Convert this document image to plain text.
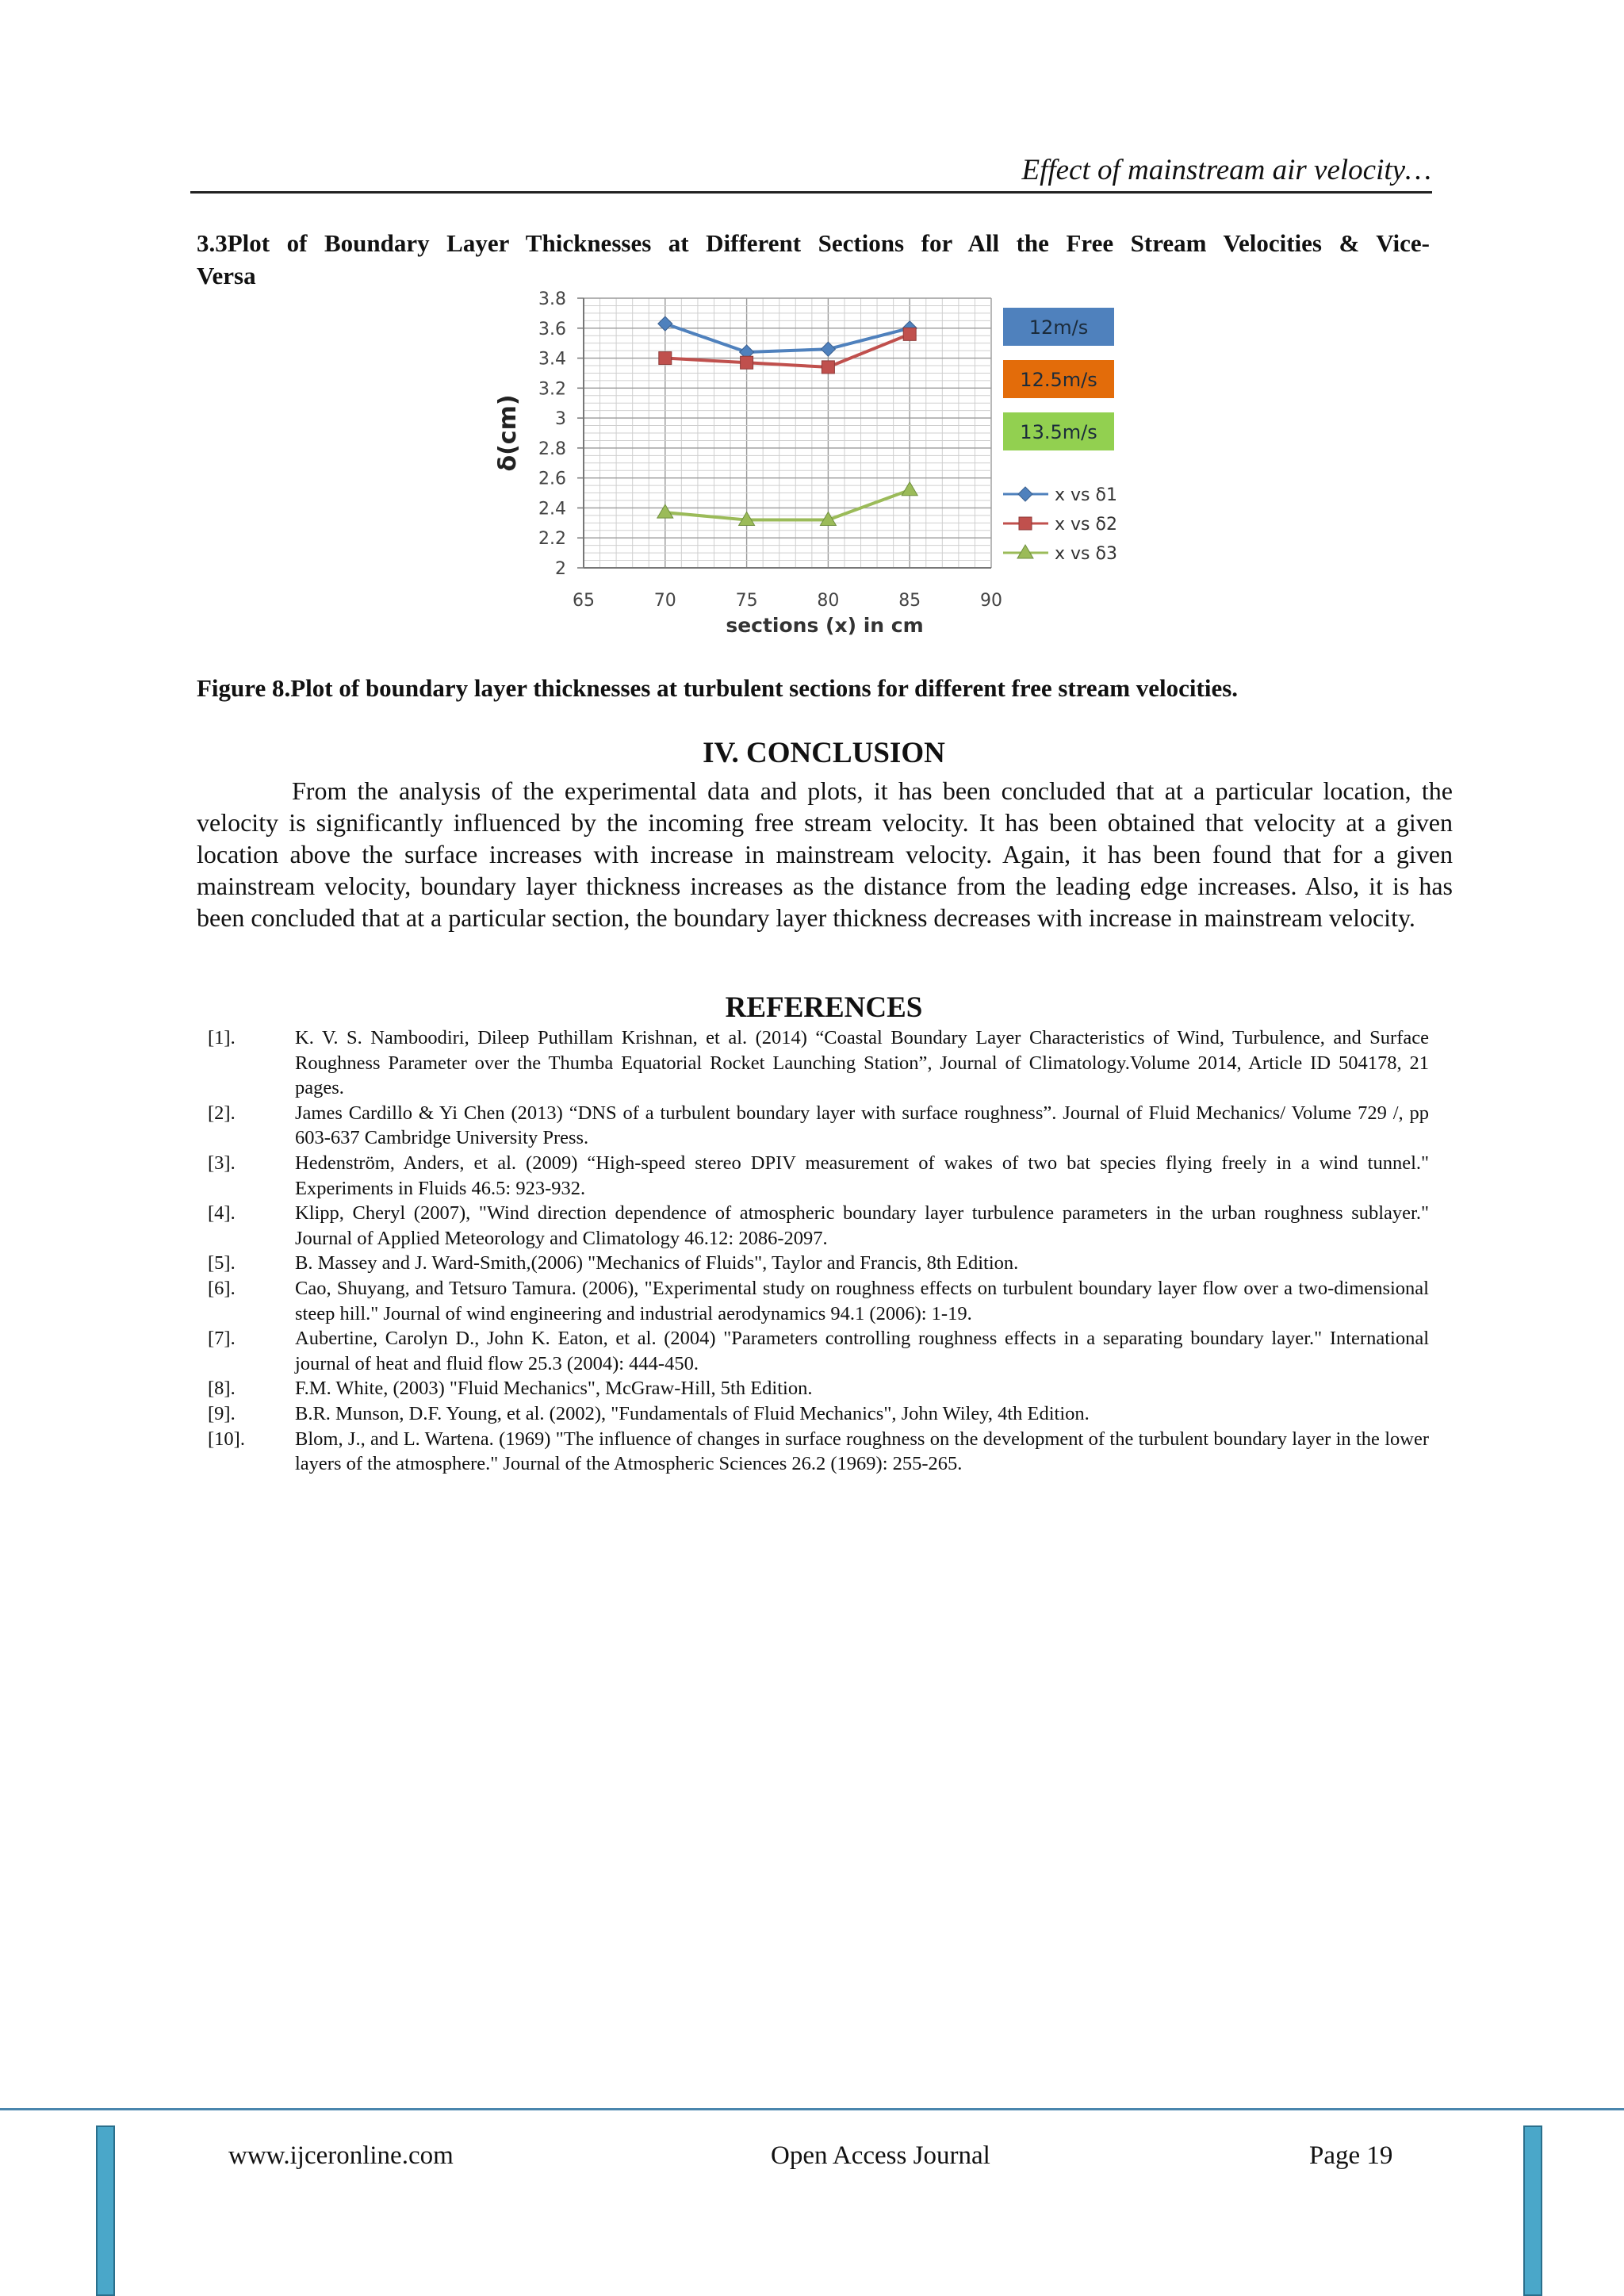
Effect of mainstream air velocity…
3.3Plot of Boundary Layer Thicknesses at Different Sections for All the Free Stream Velocities & Vice-
Versa
2
2.2
2.4
2.6
2.8
3
3.2
3.4
3.6
3.8
65	70	75	80	85	90
12m/s
12.5m/s
13.5m/s
x vs δ1
x vs δ2
x vs δ3
sections (x) in cm
δ(cm)
Figure 8.Plot of boundary layer thicknesses at turbulent sections for different free stream velocities.
IV. CONCLUSION

From the analysis of the experimental data and plots, it has been concluded that at a particular location, the velocity is significantly influenced by the incoming free stream velocity. It has been obtained that velocity at a given location above the surface increases with increase in mainstream velocity. Again, it has been found that for a given mainstream velocity, boundary layer thickness increases as the distance from the leading edge increases. Also, it is has been concluded that at a particular section, the boundary layer thickness decreases with increase in mainstream velocity.

REFERENCES
[1].	K. V. S. Namboodiri, Dileep Puthillam Krishnan, et al. (2014) “Coastal Boundary Layer Characteristics of Wind, Turbulence, and Surface Roughness Parameter over the Thumba Equatorial Rocket Launching Station”, Journal of Climatology.Volume 2014, Article ID 504178, 21 pages.
[2].	James Cardillo & Yi Chen (2013) “DNS of a turbulent boundary layer with surface roughness”. Journal of Fluid Mechanics/ Volume 729 /, pp 603-637 Cambridge University Press.
[3].	Hedenström, Anders, et al. (2009) “High-speed stereo DPIV measurement of wakes of two bat species flying freely in a wind tunnel." Experiments in Fluids 46.5: 923-932.
[4].	Klipp, Cheryl (2007), "Wind direction dependence of atmospheric boundary layer turbulence parameters in the urban roughness sublayer." Journal of Applied Meteorology and Climatology 46.12: 2086-2097.
[5].	B. Massey and J. Ward-Smith,(2006) "Mechanics of Fluids", Taylor and Francis, 8th Edition.
[6].	Cao, Shuyang, and Tetsuro Tamura. (2006), "Experimental study on roughness effects on turbulent boundary layer flow over a two-dimensional steep hill." Journal of wind engineering and industrial aerodynamics 94.1 (2006): 1-19.
[7].	Aubertine, Carolyn D., John K. Eaton, et al. (2004) "Parameters controlling roughness effects in a separating boundary layer." International journal of heat and fluid flow 25.3 (2004): 444-450.
[8].	F.M. White, (2003) "Fluid Mechanics", McGraw-Hill, 5th Edition.
[9].	B.R. Munson, D.F. Young, et al. (2002), "Fundamentals of Fluid Mechanics", John Wiley, 4th Edition.
[10].	Blom, J., and L. Wartena. (1969) "The influence of changes in surface roughness on the development of the turbulent boundary layer in the lower layers of the atmosphere." Journal of the Atmospheric Sciences 26.2 (1969): 255-265.
www.ijceronline.com	Open Access Journal	Page 19
